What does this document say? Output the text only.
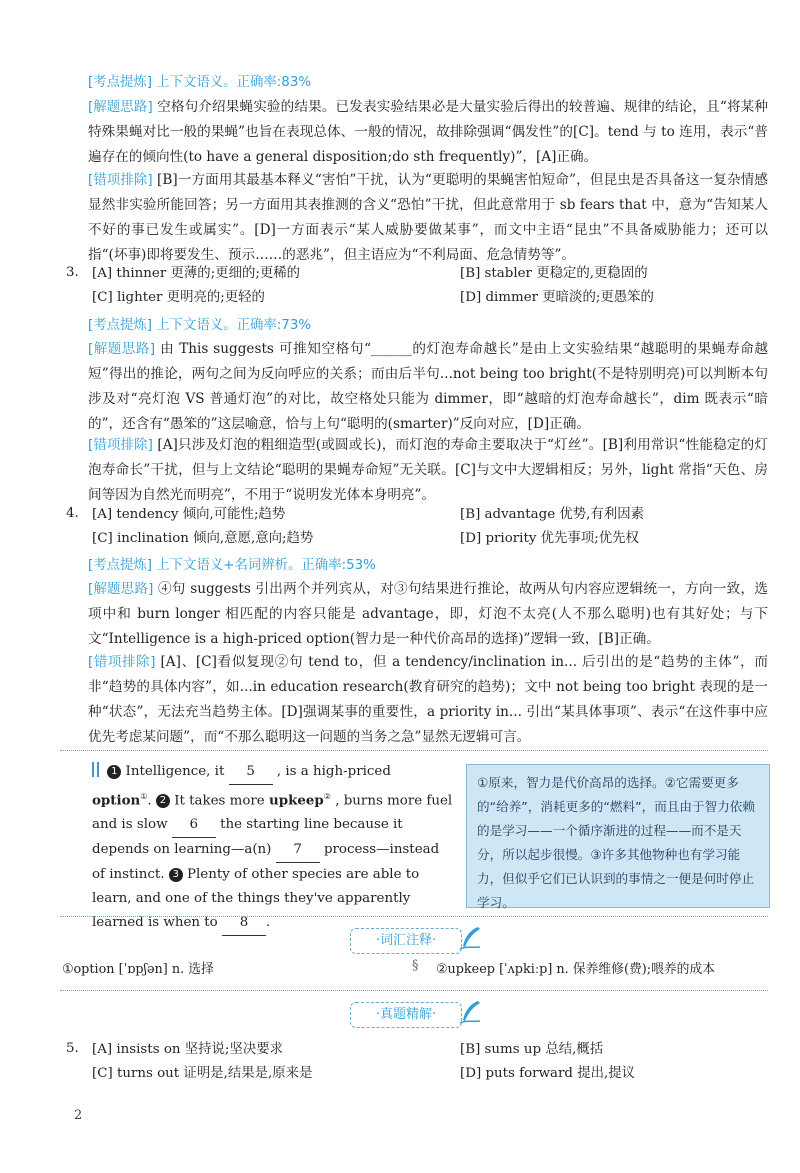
[考点提炼] 上下文语义。正确率:83%
[解题思路] 空格句介绍果蝇实验的结果。已发表实验结果必是大量实验后得出的较普遍、规律的结论，且“将某种特殊果蝇对比一般的果蝇”也旨在表现总体、一般的情况，故排除强调“偶发性”的[C]。tend 与 to 连用，表示“普遍存在的倾向性(to have a general disposition;do sth frequently)”，[A]正确。
[错项排除] [B]一方面用其最基本释义“害怕”干扰，认为“更聪明的果蝇害怕短命”，但昆虫是否具备这一复杂情感显然非实验所能回答；另一方面用其表推测的含义“恐怕”干扰，但此意常用于 sb fears that 中，意为“告知某人不好的事已发生或属实”。[D]一方面表示“某人威胁要做某事”，而文中主语“昆虫”不具备威胁能力；还可以指“(坏事)即将要发生、预示……的恶兆”，但主语应为“不利局面、危急情势等”。
3. [A] thinner 更薄的;更细的;更稀的	[B] stabler 更稳定的,更稳固的
[C] lighter 更明亮的;更轻的	[D] dimmer 更暗淡的;更愚笨的
[考点提炼] 上下文语义。正确率:73%
[解题思路] 由 This suggests 可推知空格句“______的灯泡寿命越长”是由上文实验结果“越聪明的果蝇寿命越短”得出的推论，两句之间为反向呼应的关系；而由后半句...not being too bright(不是特别明亮)可以判断本句涉及对“亮灯泡 VS 普通灯泡”的对比，故空格处只能为 dimmer，即“越暗的灯泡寿命越长”，dim 既表示“暗的”，还含有“愚笨的”这层喻意，恰与上句“聪明的(smarter)”反向对应，[D]正确。
[错项排除] [A]只涉及灯泡的粗细造型(或圆或长)，而灯泡的寿命主要取决于“灯丝”。[B]利用常识“性能稳定的灯泡寿命长”干扰，但与上文结论“聪明的果蝇寿命短”无关联。[C]与文中大逻辑相反；另外，light 常指“天色、房间等因为自然光而明亮”，不用于“说明发光体本身明亮”。
4. [A] tendency 倾向,可能性;趋势	[B] advantage 优势,有利因素
[C] inclination 倾向,意愿,意向;趋势	[D] priority 优先事项;优先权
[考点提炼] 上下文语义+名词辨析。正确率:53%
[解题思路] ④句 suggests 引出两个并列宾从，对③句结果进行推论，故两从句内容应逻辑统一，方向一致，选项中和 burn longer 相匹配的内容只能是 advantage，即，灯泡不太亮(人不那么聪明)也有其好处；与下文“Intelligence is a high-priced option(智力是一种代价高昂的选择)”逻辑一致，[B]正确。
[错项排除] [A]、[C]看似复现②句 tend to，但 a tendency/inclination in... 后引出的是“趋势的主体”，而非“趋势的具体内容”，如...in education research(教育研究的趋势)；文中 not being too bright 表现的是一种“状态”，无法充当趋势主体。[D]强调某事的重要性，a priority in... 引出“某具体事项”、表示“在这件事中应优先考虑某问题”，而“不那么聪明这一问题的当务之急”显然无逻辑可言。
1 Intelligence, it 5 , is a high-priced option①. 2 It takes more upkeep② , burns more fuel and is slow 6 the starting line because it depends on learning—a(n) 7 process—instead of instinct. 3 Plenty of other species are able to learn, and one of the things they've apparently learned is when to 8 .
①原来，智力是代价高昂的选择。②它需要更多的“给养”，消耗更多的“燃料”，而且由于智力依赖的是学习——一个循序渐进的过程——而不是天分，所以起步很慢。③许多其他物种也有学习能力，但似乎它们已认识到的事情之一便是何时停止学习。
·词汇注释·
①option [ˈɒpʃən] n. 选择	§ ②upkeep [ˈʌpkiːp] n. 保养维修(费);喂养的成本
·真题精解·
5. [A] insists on 坚持说;坚决要求	[B] sums up 总结,概括
[C] turns out 证明是,结果是,原来是	[D] puts forward 提出,提议
2
